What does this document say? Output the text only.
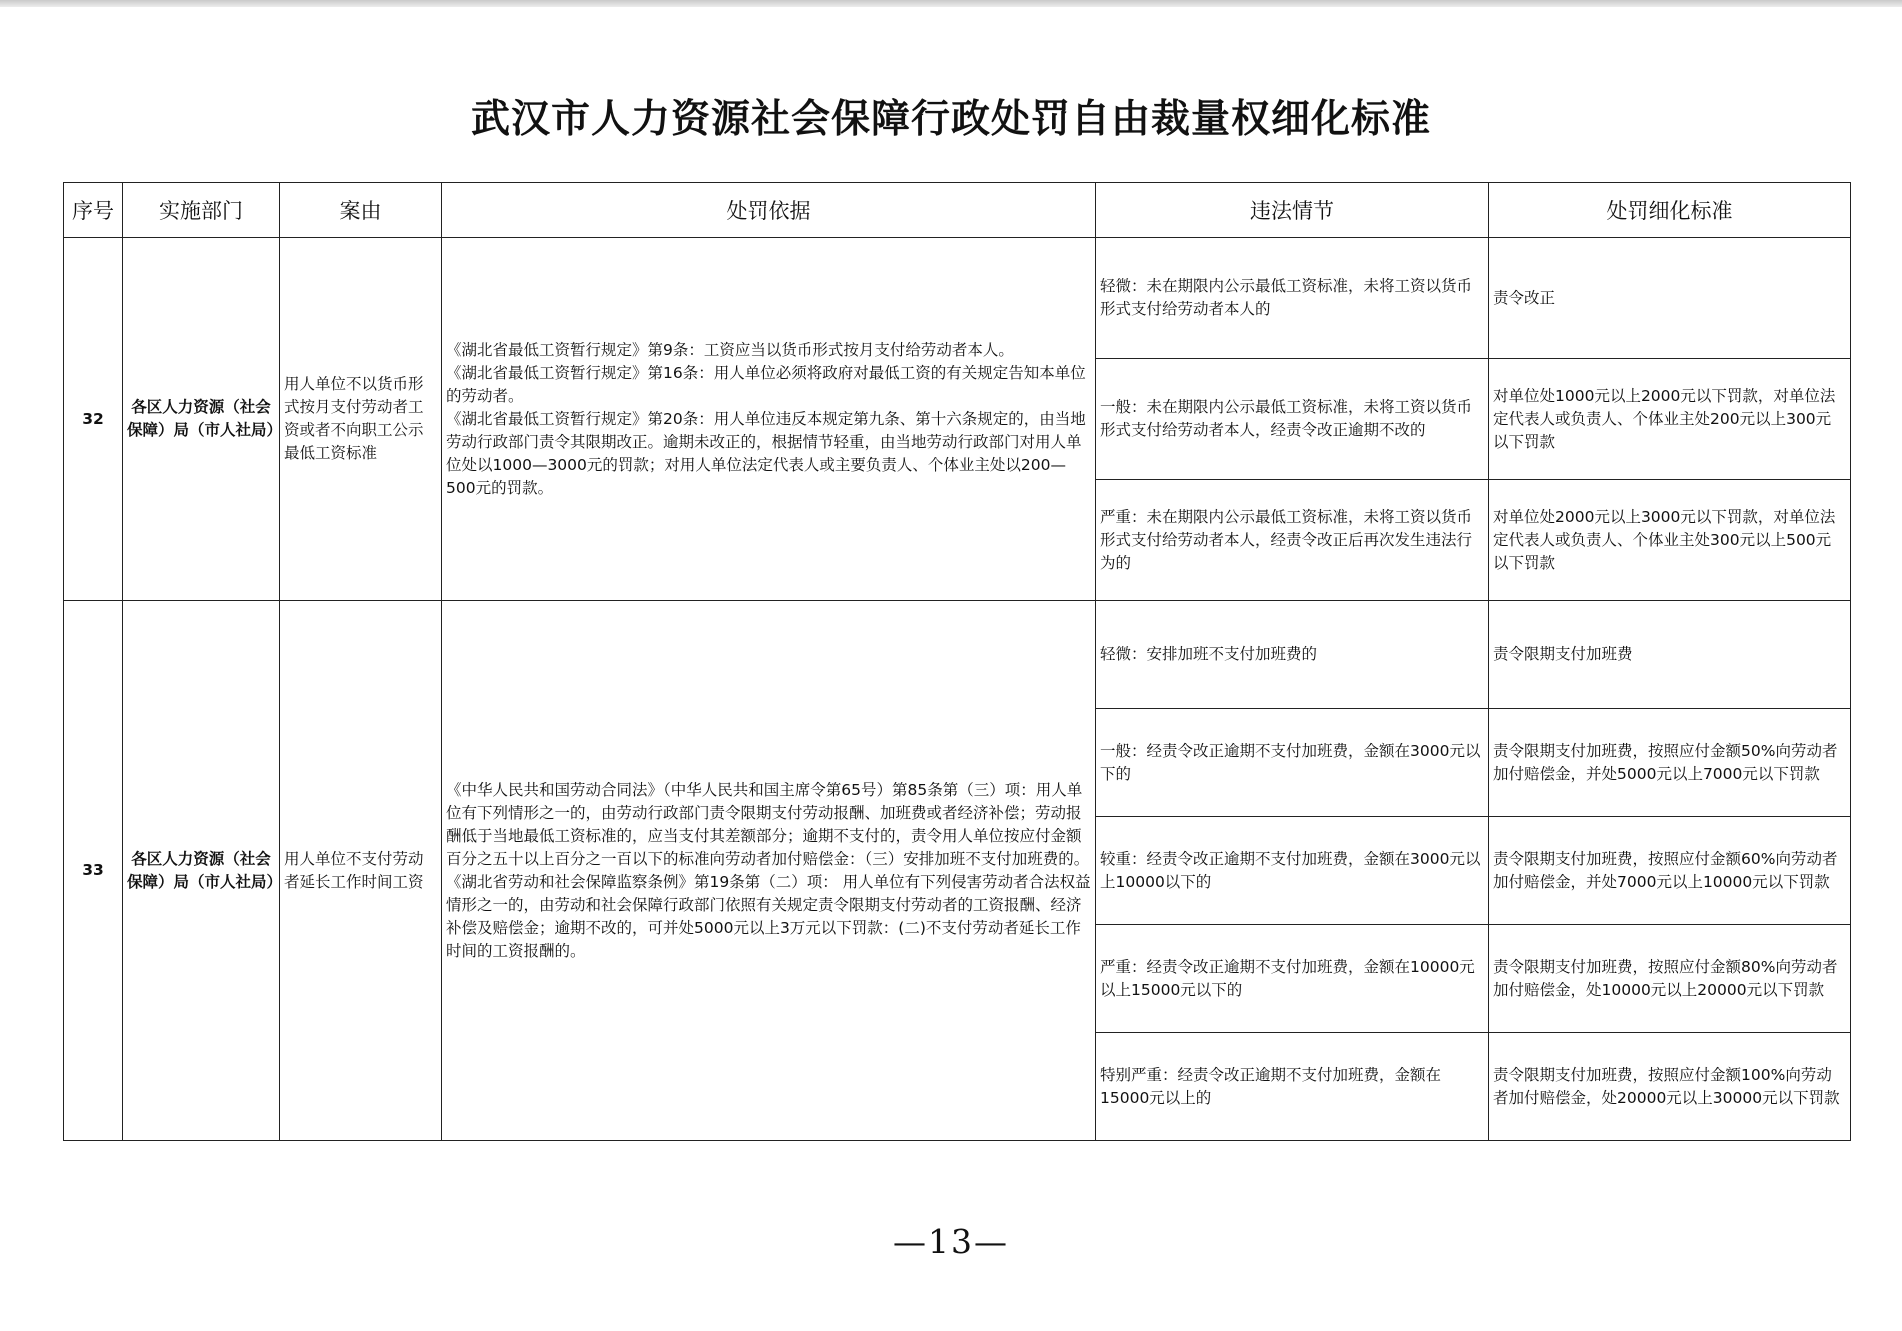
武汉市人力资源社会保障行政处罚自由裁量权细化标准
序号	实施部门	案由	处罚依据	违法情节	处罚细化标准
32	各区人力资源（社会保障）局（市人社局）	用人单位不以货币形式按月支付劳动者工资或者不向职工公示最低工资标准	《湖北省最低工资暂行规定》第9条：工资应当以货币形式按月支付给劳动者本人。
《湖北省最低工资暂行规定》第16条：用人单位必须将政府对最低工资的有关规定告知本单位的劳动者。
《湖北省最低工资暂行规定》第20条：用人单位违反本规定第九条、第十六条规定的，由当地劳动行政部门责令其限期改正。逾期未改正的，根据情节轻重，由当地劳动行政部门对用人单位处以1000—3000元的罚款；对用人单位法定代表人或主要负责人、个体业主处以200—500元的罚款。	轻微：未在期限内公示最低工资标准，未将工资以货币形式支付给劳动者本人的	责令改正
				一般：未在期限内公示最低工资标准，未将工资以货币形式支付给劳动者本人，经责令改正逾期不改的	对单位处1000元以上2000元以下罚款，对单位法定代表人或负责人、个体业主处200元以上300元以下罚款
				严重：未在期限内公示最低工资标准，未将工资以货币形式支付给劳动者本人，经责令改正后再次发生违法行为的	对单位处2000元以上3000元以下罚款，对单位法定代表人或负责人、个体业主处300元以上500元以下罚款
33	各区人力资源（社会保障）局（市人社局）	用人单位不支付劳动者延长工作时间工资	《中华人民共和国劳动合同法》（中华人民共和国主席令第65号）第85条第（三）项：用人单位有下列情形之一的，由劳动行政部门责令限期支付劳动报酬、加班费或者经济补偿；劳动报酬低于当地最低工资标准的，应当支付其差额部分；逾期不支付的，责令用人单位按应付金额百分之五十以上百分之一百以下的标准向劳动者加付赔偿金：（三）安排加班不支付加班费的。
《湖北省劳动和社会保障监察条例》第19条第（二）项： 用人单位有下列侵害劳动者合法权益情形之一的，由劳动和社会保障行政部门依照有关规定责令限期支付劳动者的工资报酬、经济补偿及赔偿金；逾期不改的，可并处5000元以上3万元以下罚款：(二)不支付劳动者延长工作时间的工资报酬的。	轻微：安排加班不支付加班费的	责令限期支付加班费
				一般：经责令改正逾期不支付加班费，金额在3000元以下的	责令限期支付加班费，按照应付金额50%向劳动者加付赔偿金，并处5000元以上7000元以下罚款
				较重：经责令改正逾期不支付加班费，金额在3000元以上10000以下的	责令限期支付加班费，按照应付金额60%向劳动者加付赔偿金，并处7000元以上10000元以下罚款
				严重：经责令改正逾期不支付加班费，金额在10000元以上15000元以下的	责令限期支付加班费，按照应付金额80%向劳动者加付赔偿金，处10000元以上20000元以下罚款
				特别严重：经责令改正逾期不支付加班费，金额在15000元以上的	责令限期支付加班费，按照应付金额100%向劳动者加付赔偿金，处20000元以上30000元以下罚款
—13—
